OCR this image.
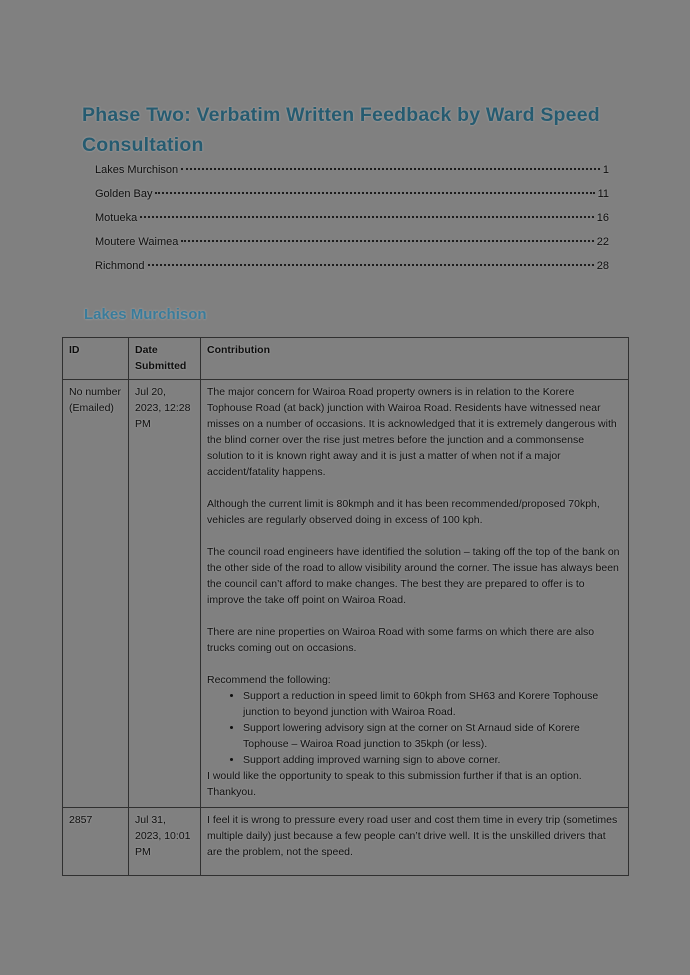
Phase Two: Verbatim Written Feedback by Ward Speed Consultation
Lakes Murchison	1
Golden Bay	11
Motueka	16
Moutere Waimea	22
Richmond	28
Lakes Murchison
ID	Date Submitted	Contribution
No number (Emailed)	Jul 20, 2023, 12:28 PM	

The major concern for Wairoa Road property owners is in relation to the Korere Tophouse Road (at back) junction with Wairoa Road. Residents have witnessed near misses on a number of occasions. It is acknowledged that it is extremely dangerous with the blind corner over the rise just metres before the junction and a commonsense solution to it is known right away and it is just a matter of when not if a major accident/fatality happens.

Although the current limit is 80kmph and it has been recommended/proposed 70kph, vehicles are regularly observed doing in excess of 100 kph.

The council road engineers have identified the solution – taking off the top of the bank on the other side of the road to allow visibility around the corner. The issue has always been the council can’t afford to make changes. The best they are prepared to offer is to improve the take off point on Wairoa Road.

There are nine properties on Wairoa Road with some farms on which there are also trucks coming out on occasions.

Recommend the following:

• Support a reduction in speed limit to 60kph from SH63 and Korere Tophouse junction to beyond junction with Wairoa Road.
• Support lowering advisory sign at the corner on St Arnaud side of Korere Tophouse – Wairoa Road junction to 35kph (or less).
• Support adding improved warning sign to above corner.

I would like the opportunity to speak to this submission further if that is an option.

Thankyou.

2857	Jul 31, 2023, 10:01 PM	I feel it is wrong to pressure every road user and cost them time in every trip (sometimes multiple daily) just because a few people can’t drive well. It is the unskilled drivers that are the problem, not the speed.
